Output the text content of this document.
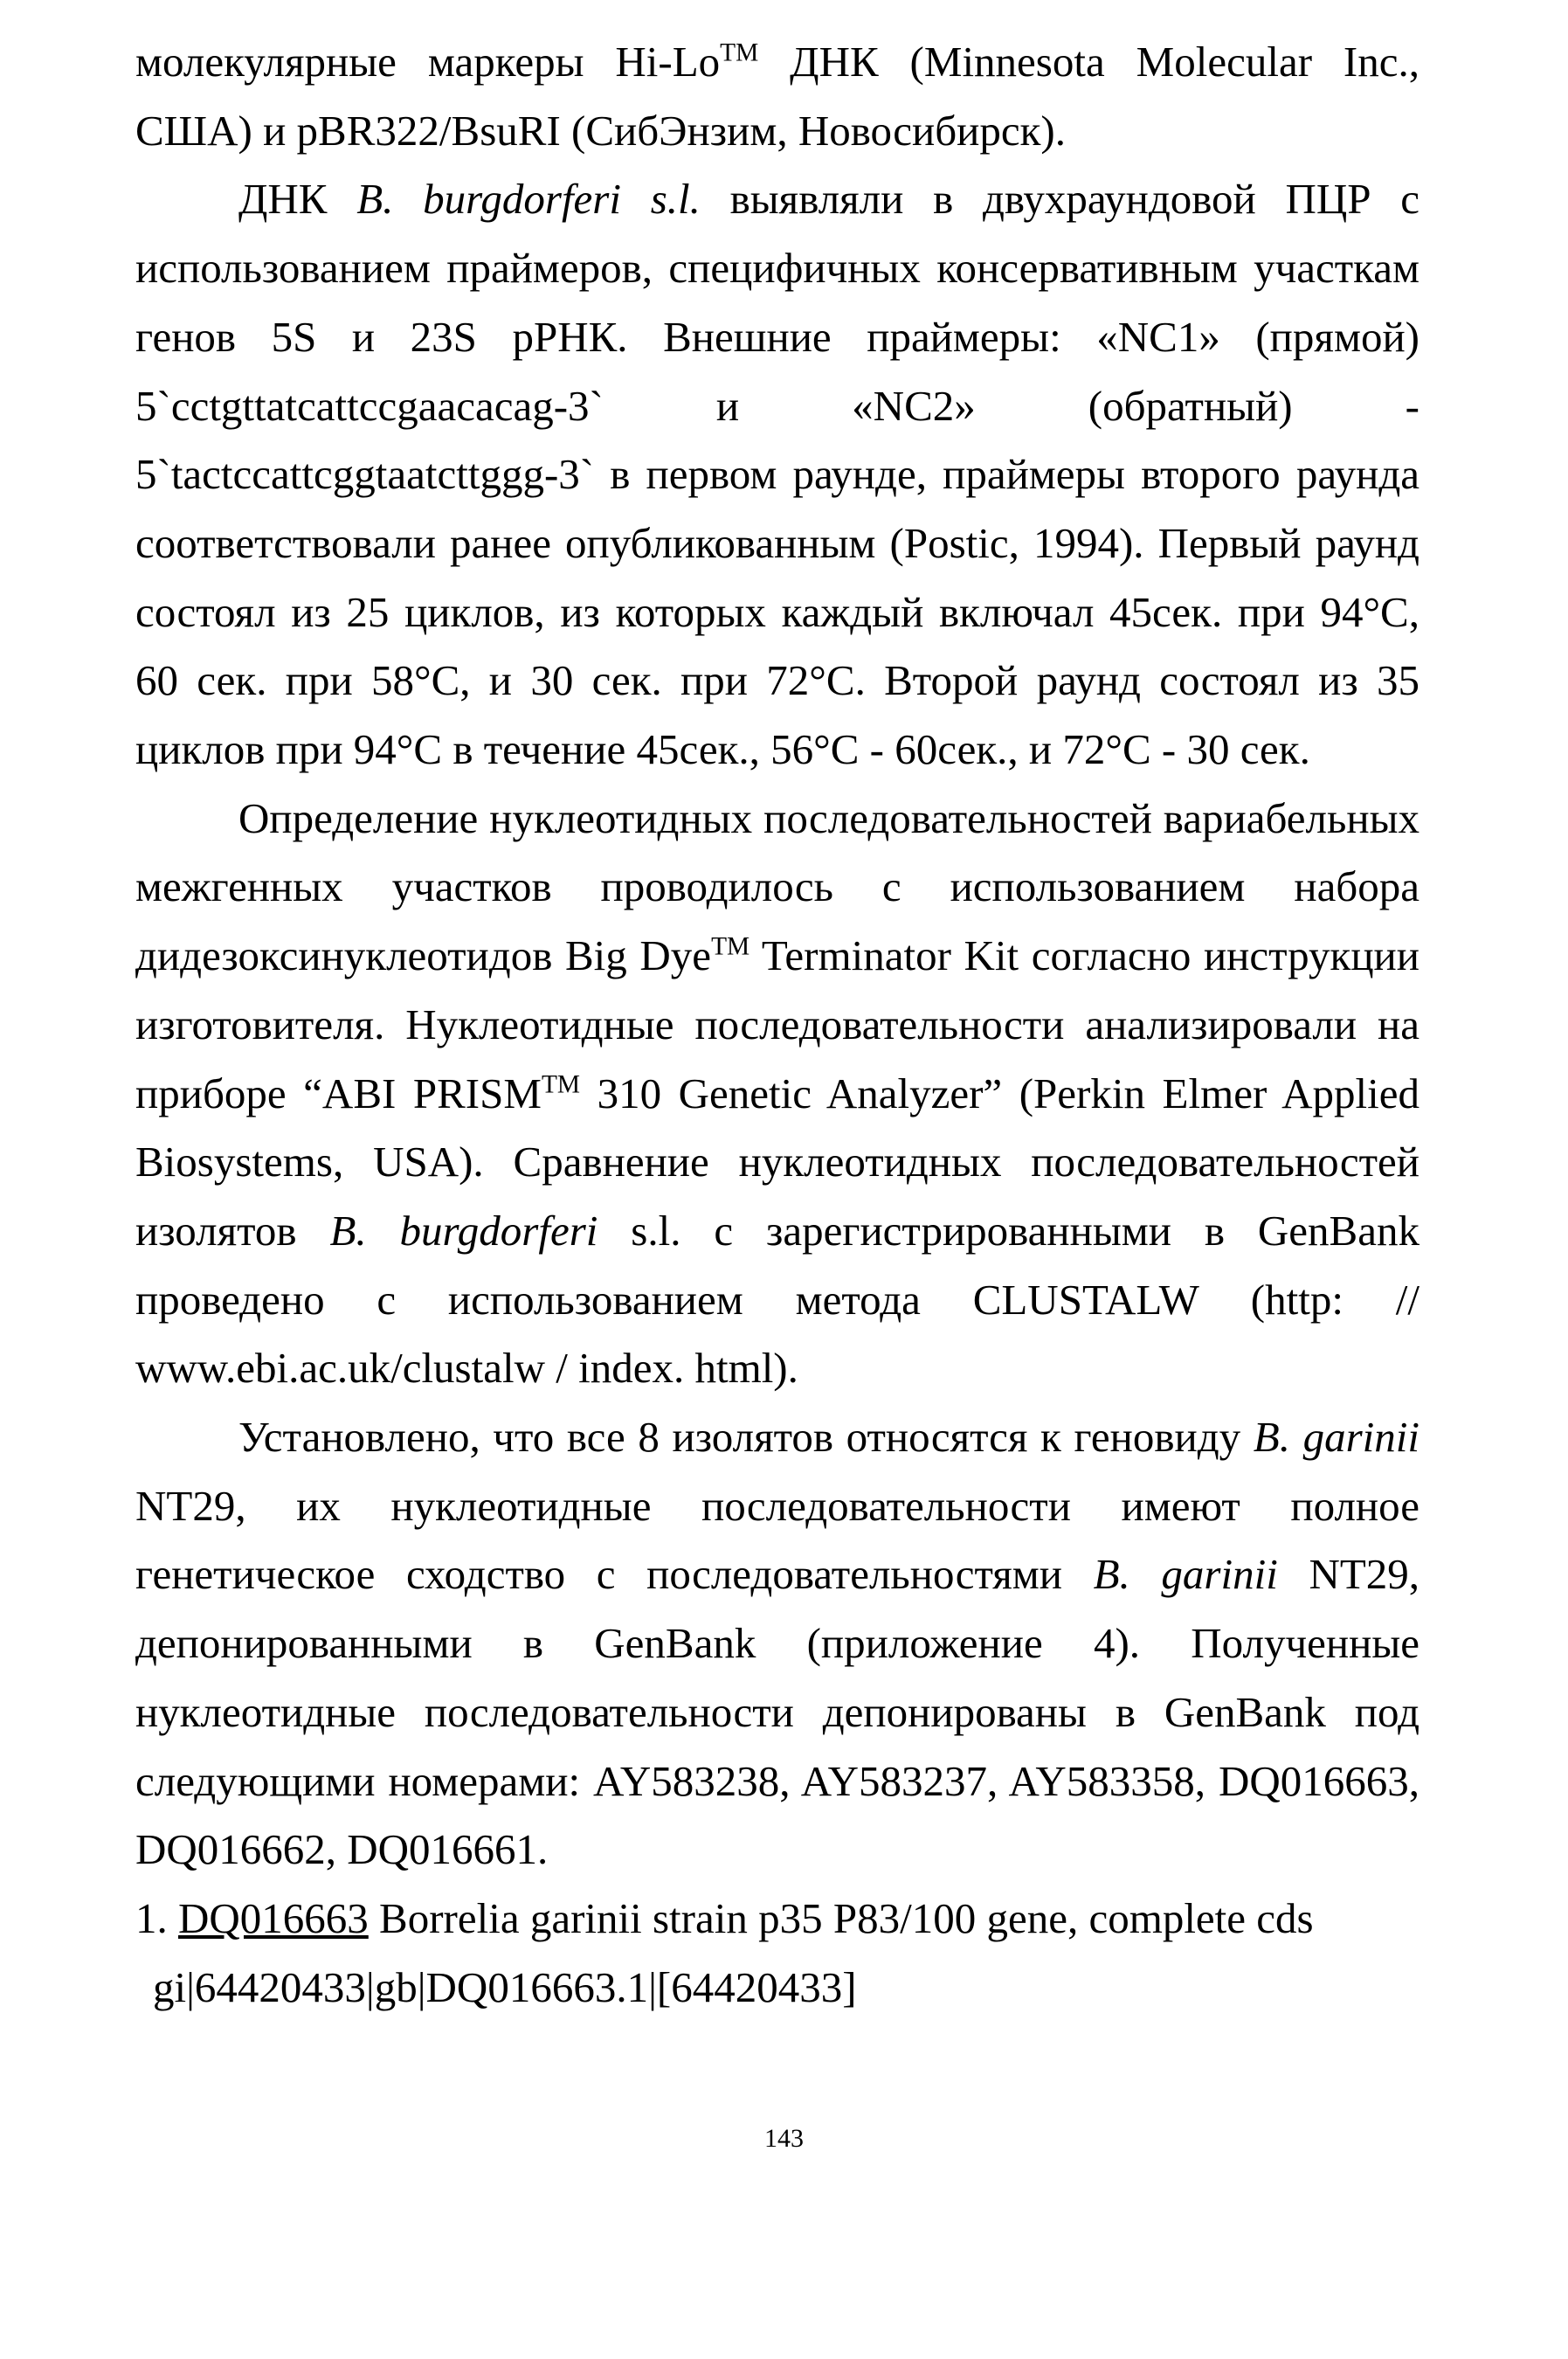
молекулярные маркеры Hi-Lo™ ДНК (Minnesota Molecular Inc., США) и pBR322/BsuRI (СибЭнзим, Новосибирск).

ДНК B. burgdorferi s.l. выявляли в двухраундовой ПЦР с использованием праймеров, специфичных консервативным участкам генов 5S и 23S рРНК. Внешние праймеры: «NC1» (прямой) 5`cctgttatcattccgaacacag-3` и «NC2» (обратный) - 5`tactccattcggtaatcttggg-3` в первом раунде, праймеры второго раунда соответствовали ранее опубликованным (Postic, 1994). Первый раунд состоял из 25 циклов, из которых каждый включал 45сек. при 94°С, 60 сек. при 58°С, и 30 сек. при 72°С. Второй раунд состоял из 35 циклов при 94°С в течение 45сек., 56°С - 60сек., и 72°С - 30 сек.

Определение нуклеотидных последовательностей вариабельных межгенных участков проводилось с использованием набора дидезоксинуклеотидов Big Dye™ Terminator Kit согласно инструкции изготовителя. Нуклеотидные последовательности анализировали на приборе “ABI PRISM™ 310 Genetic Analyzer” (Perkin Elmer Applied Biosystems, USA). Сравнение нуклеотидных последовательностей изолятов B. burgdorferi s.l. с зарегистрированными в GenBank проведено с использованием метода CLUSTALW (http: // www.ebi.ac.uk/clustalw / index. html).

Установлено, что все 8 изолятов относятся к геновиду B. garinii NT29, их нуклеотидные последовательности имеют полное генетическое сходство с последовательностями B. garinii NT29, депонированными в GenBank (приложение 4). Полученные нуклеотидные последовательности депонированы в GenBank под следующими номерами: AY583238, AY583237, AY583358, DQ016663, DQ016662, DQ016661.

1. DQ016663 Borrelia garinii strain p35 P83/100 gene, complete cds
gi|64420433|gb|DQ016663.1|[64420433]

143
